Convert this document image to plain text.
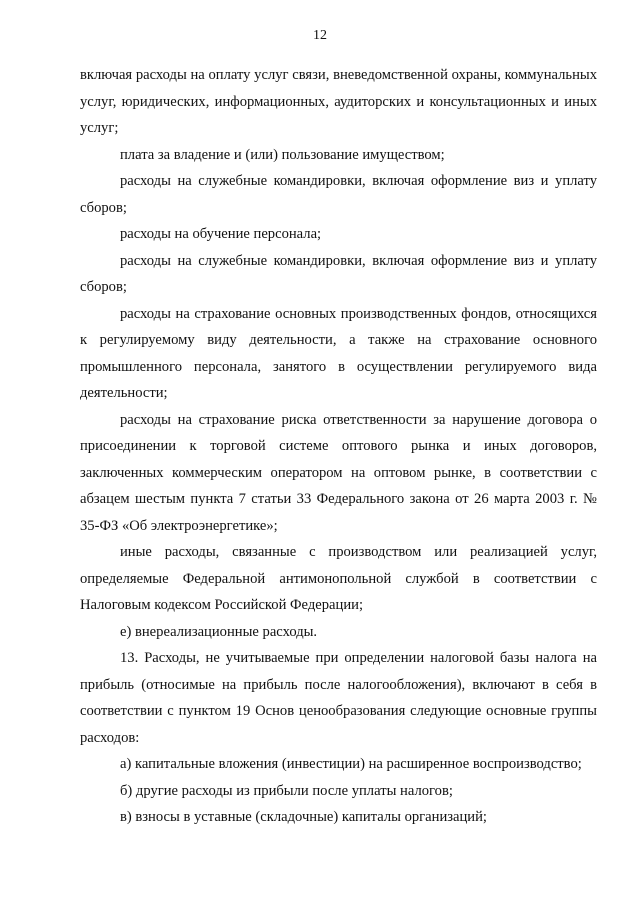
12

включая расходы на оплату услуг связи, вневедомственной охраны, коммунальных услуг, юридических, информационных, аудиторских и консультационных и иных услуг;

плата за владение и (или) пользование имуществом;

расходы на служебные командировки, включая оформление виз и уплату сборов;

расходы на обучение персонала;

расходы на служебные командировки, включая оформление виз и уплату сборов;

расходы на страхование основных производственных фондов, относящихся к регулируемому виду деятельности, а также на страхование основного промышленного персонала, занятого в осуществлении регулируемого вида деятельности;

расходы на страхование риска ответственности за нарушение договора о присоединении к торговой системе оптового рынка и иных договоров, заключенных коммерческим оператором на оптовом рынке, в соответствии с абзацем шестым пункта 7 статьи 33 Федерального закона от 26 марта 2003 г. № 35-ФЗ «Об электроэнергетике»;

иные расходы, связанные с производством или реализацией услуг, определяемые Федеральной антимонопольной службой в соответствии с Налоговым кодексом Российской Федерации;

е) внереализационные расходы.

13. Расходы, не учитываемые при определении налоговой базы налога на прибыль (относимые на прибыль после налогообложения), включают в себя в соответствии с пунктом 19 Основ ценообразования следующие основные группы расходов:

а) капитальные вложения (инвестиции) на расширенное воспроизводство;

б) другие расходы из прибыли после уплаты налогов;

в) взносы в уставные (складочные) капиталы организаций;
